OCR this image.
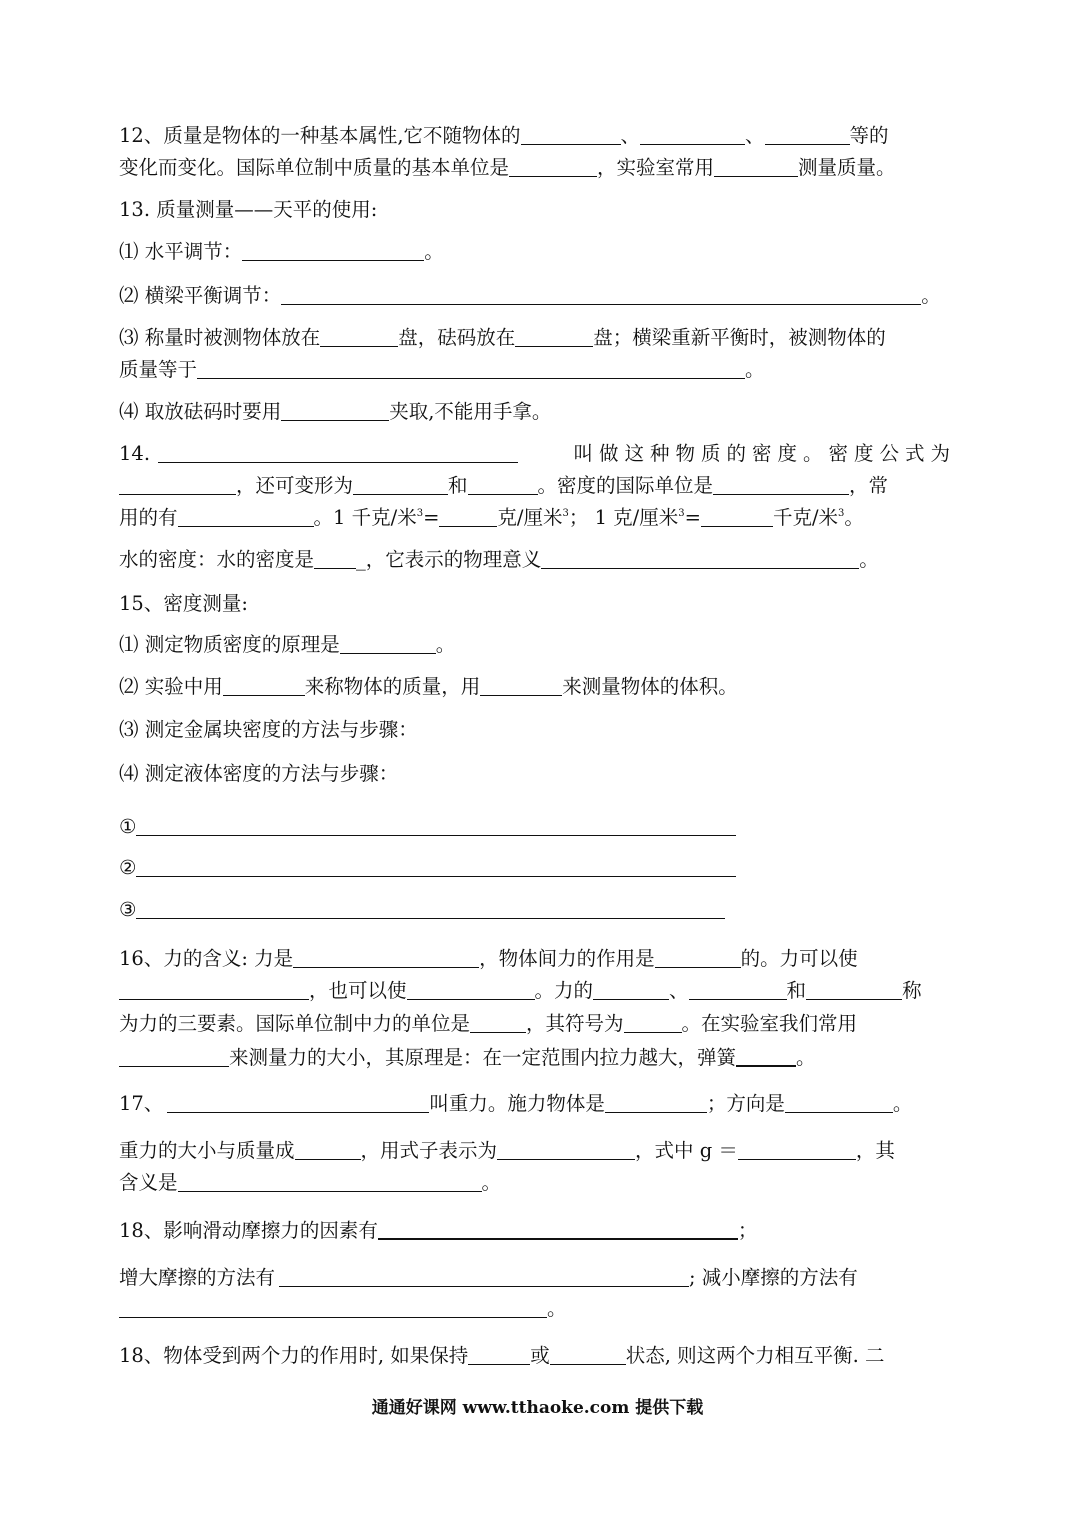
12、质量是物体的一种基本属性,它不随物体的	、	、	等的
变化而变化。国际单位制中质量的基本单位是	，实验室常用	测量质量。
13. 质量测量——天平的使用:
⑴ 水平调节：	。
⑵ 横梁平衡调节：	。
⑶ 称量时被测物体放在	盘，砝码放在	盘；横梁重新平衡时，被测物体的
质量等于	。
⑷ 取放砝码时要用	夹取,不能用手拿。
14.	叫做这种物质的密度。密度公式为
，还可变形为	和	。密度的国际单位是	，常
用的有	。1 千克/米$^3$=	克/厘米$^3$； 1 克/厘米$^3$=	千克/米$^3$。
水的密度：水的密度是 _，它表示的物理意义	。
15、密度测量:
⑴ 测定物质密度的原理是	。
⑵ 实验中用	来称物体的质量，用	来测量物体的体积。
⑶ 测定金属块密度的方法与步骤：
⑷ 测定液体密度的方法与步骤：
①
②
③
16、力的含义: 力是	，物体间力的作用是	的。力可以使
，也可以使	。力的	、	和	称
为力的三要素。国际单位制中力的单位是	，其符号为	。在实验室我们常用
来测量力的大小，其原理是：在一定范围内拉力越大，弹簧	。
17、	叫重力。施力物体是	；方向是	。
重力的大小与质量成	，用式子表示为	，式中 g ＝	，其
含义是	。
18、影响滑动摩擦力的因素有	；
增大摩擦的方法有	; 减小摩擦的方法有
。
18、物体受到两个力的作用时, 如果保持	或	状态, 则这两个力相互平衡. 二
通通好课网 www.tthaoke.com 提供下载
